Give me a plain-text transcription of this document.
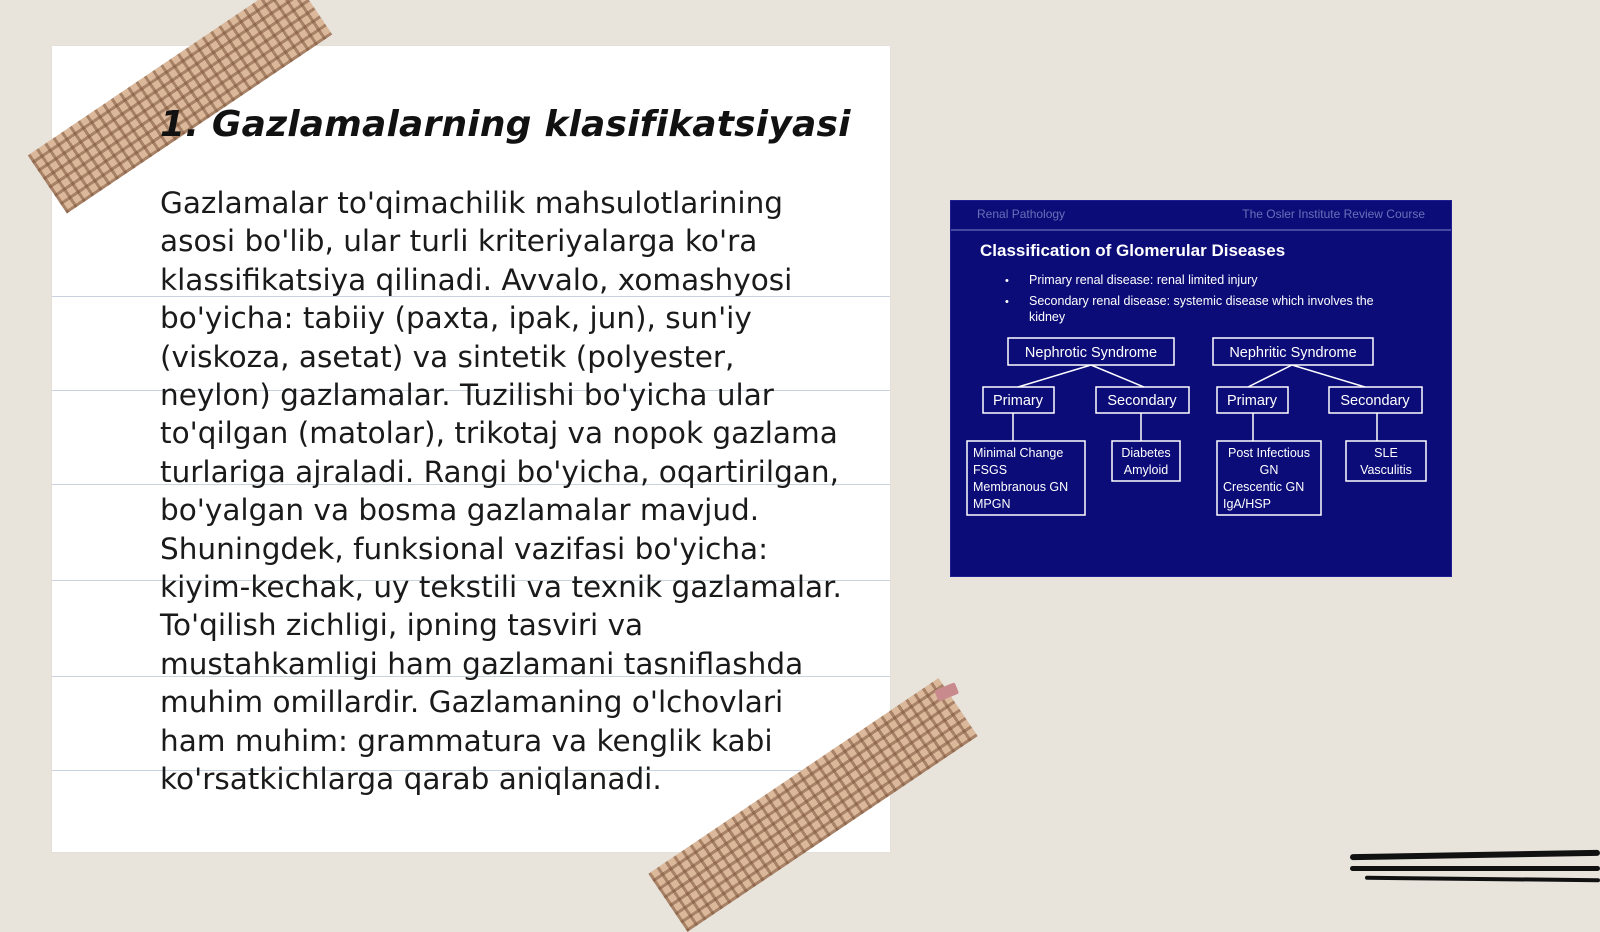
1. Gazlamalarning klasifikatsiyasi

Gazlamalar to'qimachilik mahsulotlarining asosi bo'lib, ular turli kriteriyalarga ko'ra klassifikatsiya qilinadi. Avvalo, xomashyosi bo'yicha: tabiiy (paxta, ipak, jun), sun'iy (viskoza, asetat) va sintetik (polyester, neylon) gazlamalar. Tuzilishi bo'yicha ular to'qilgan (matolar), trikotaj va nopok gazlama turlariga ajraladi. Rangi bo'yicha, oqartirilgan, bo'yalgan va bosma gazlamalar mavjud. Shuningdek, funksional vazifasi bo'yicha: kiyim-kechak, uy tekstili va texnik gazlamalar. To'qilish zichligi, ipning tasviri va mustahkamligi ham gazlamani tasniflashda muhim omillardir. Gazlamaning o'lchovlari ham muhim: grammatura va kenglik kabi ko'rsatkichlarga qarab aniqlanadi.

Renal Pathology	The Osler Institute Review Course
Classification of Glomerular Diseases
• Primary renal disease: renal limited injury
• Secondary renal disease: systemic disease which involves the kidney
Nephrotic Syndrome	Nephritic Syndrome
Primary	Secondary	Primary	Secondary
Minimal Change
FSGS
Membranous GN
MPGN
Diabetes
Amyloid
Post Infectious
GN
Crescentic GN
IgA/HSP
SLE
Vasculitis
